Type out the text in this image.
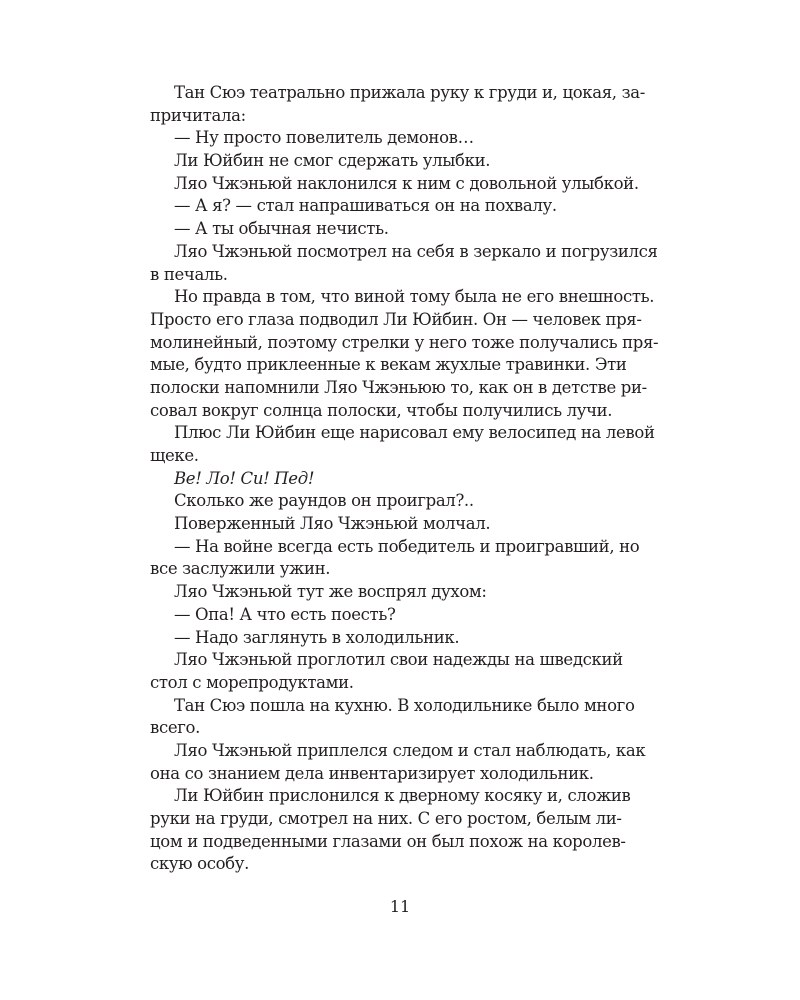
Тан Сюэ театрально прижала руку к груди и, цокая, за-
причитала:
— Ну просто повелитель демонов…
Ли Юйбин не смог сдержать улыбки.
Ляо Чжэньюй наклонился к ним с довольной улыбкой.
— А я? — стал напрашиваться он на похвалу.
— А ты обычная нечисть.
Ляо Чжэньюй посмотрел на себя в зеркало и погрузился
в печаль.
Но правда в том, что виной тому была не его внешность.
Просто его глаза подводил Ли Юйбин. Он — человек пря-
молинейный, поэтому стрелки у него тоже получались пря-
мые, будто приклеенные к векам жухлые травинки. Эти
полоски напомнили Ляо Чжэньюю то, как он в детстве ри-
совал вокруг солнца полоски, чтобы получились лучи.
Плюс Ли Юйбин еще нарисовал ему велосипед на левой
щеке.
Ве! Ло! Си! Пед!
Сколько же раундов он проиграл?..
Поверженный Ляо Чжэньюй молчал.
— На войне всегда есть победитель и проигравший, но
все заслужили ужин.
Ляо Чжэньюй тут же воспрял духом:
— Опа! А что есть поесть?
— Надо заглянуть в холодильник.
Ляо Чжэньюй проглотил свои надежды на шведский
стол с морепродуктами.
Тан Сюэ пошла на кухню. В холодильнике было много
всего.
Ляо Чжэньюй приплелся следом и стал наблюдать, как
она со знанием дела инвентаризирует холодильник.
Ли Юйбин прислонился к дверному косяку и, сложив
руки на груди, смотрел на них. С его ростом, белым ли-
цом и подведенными глазами он был похож на королев-
скую особу.
11
